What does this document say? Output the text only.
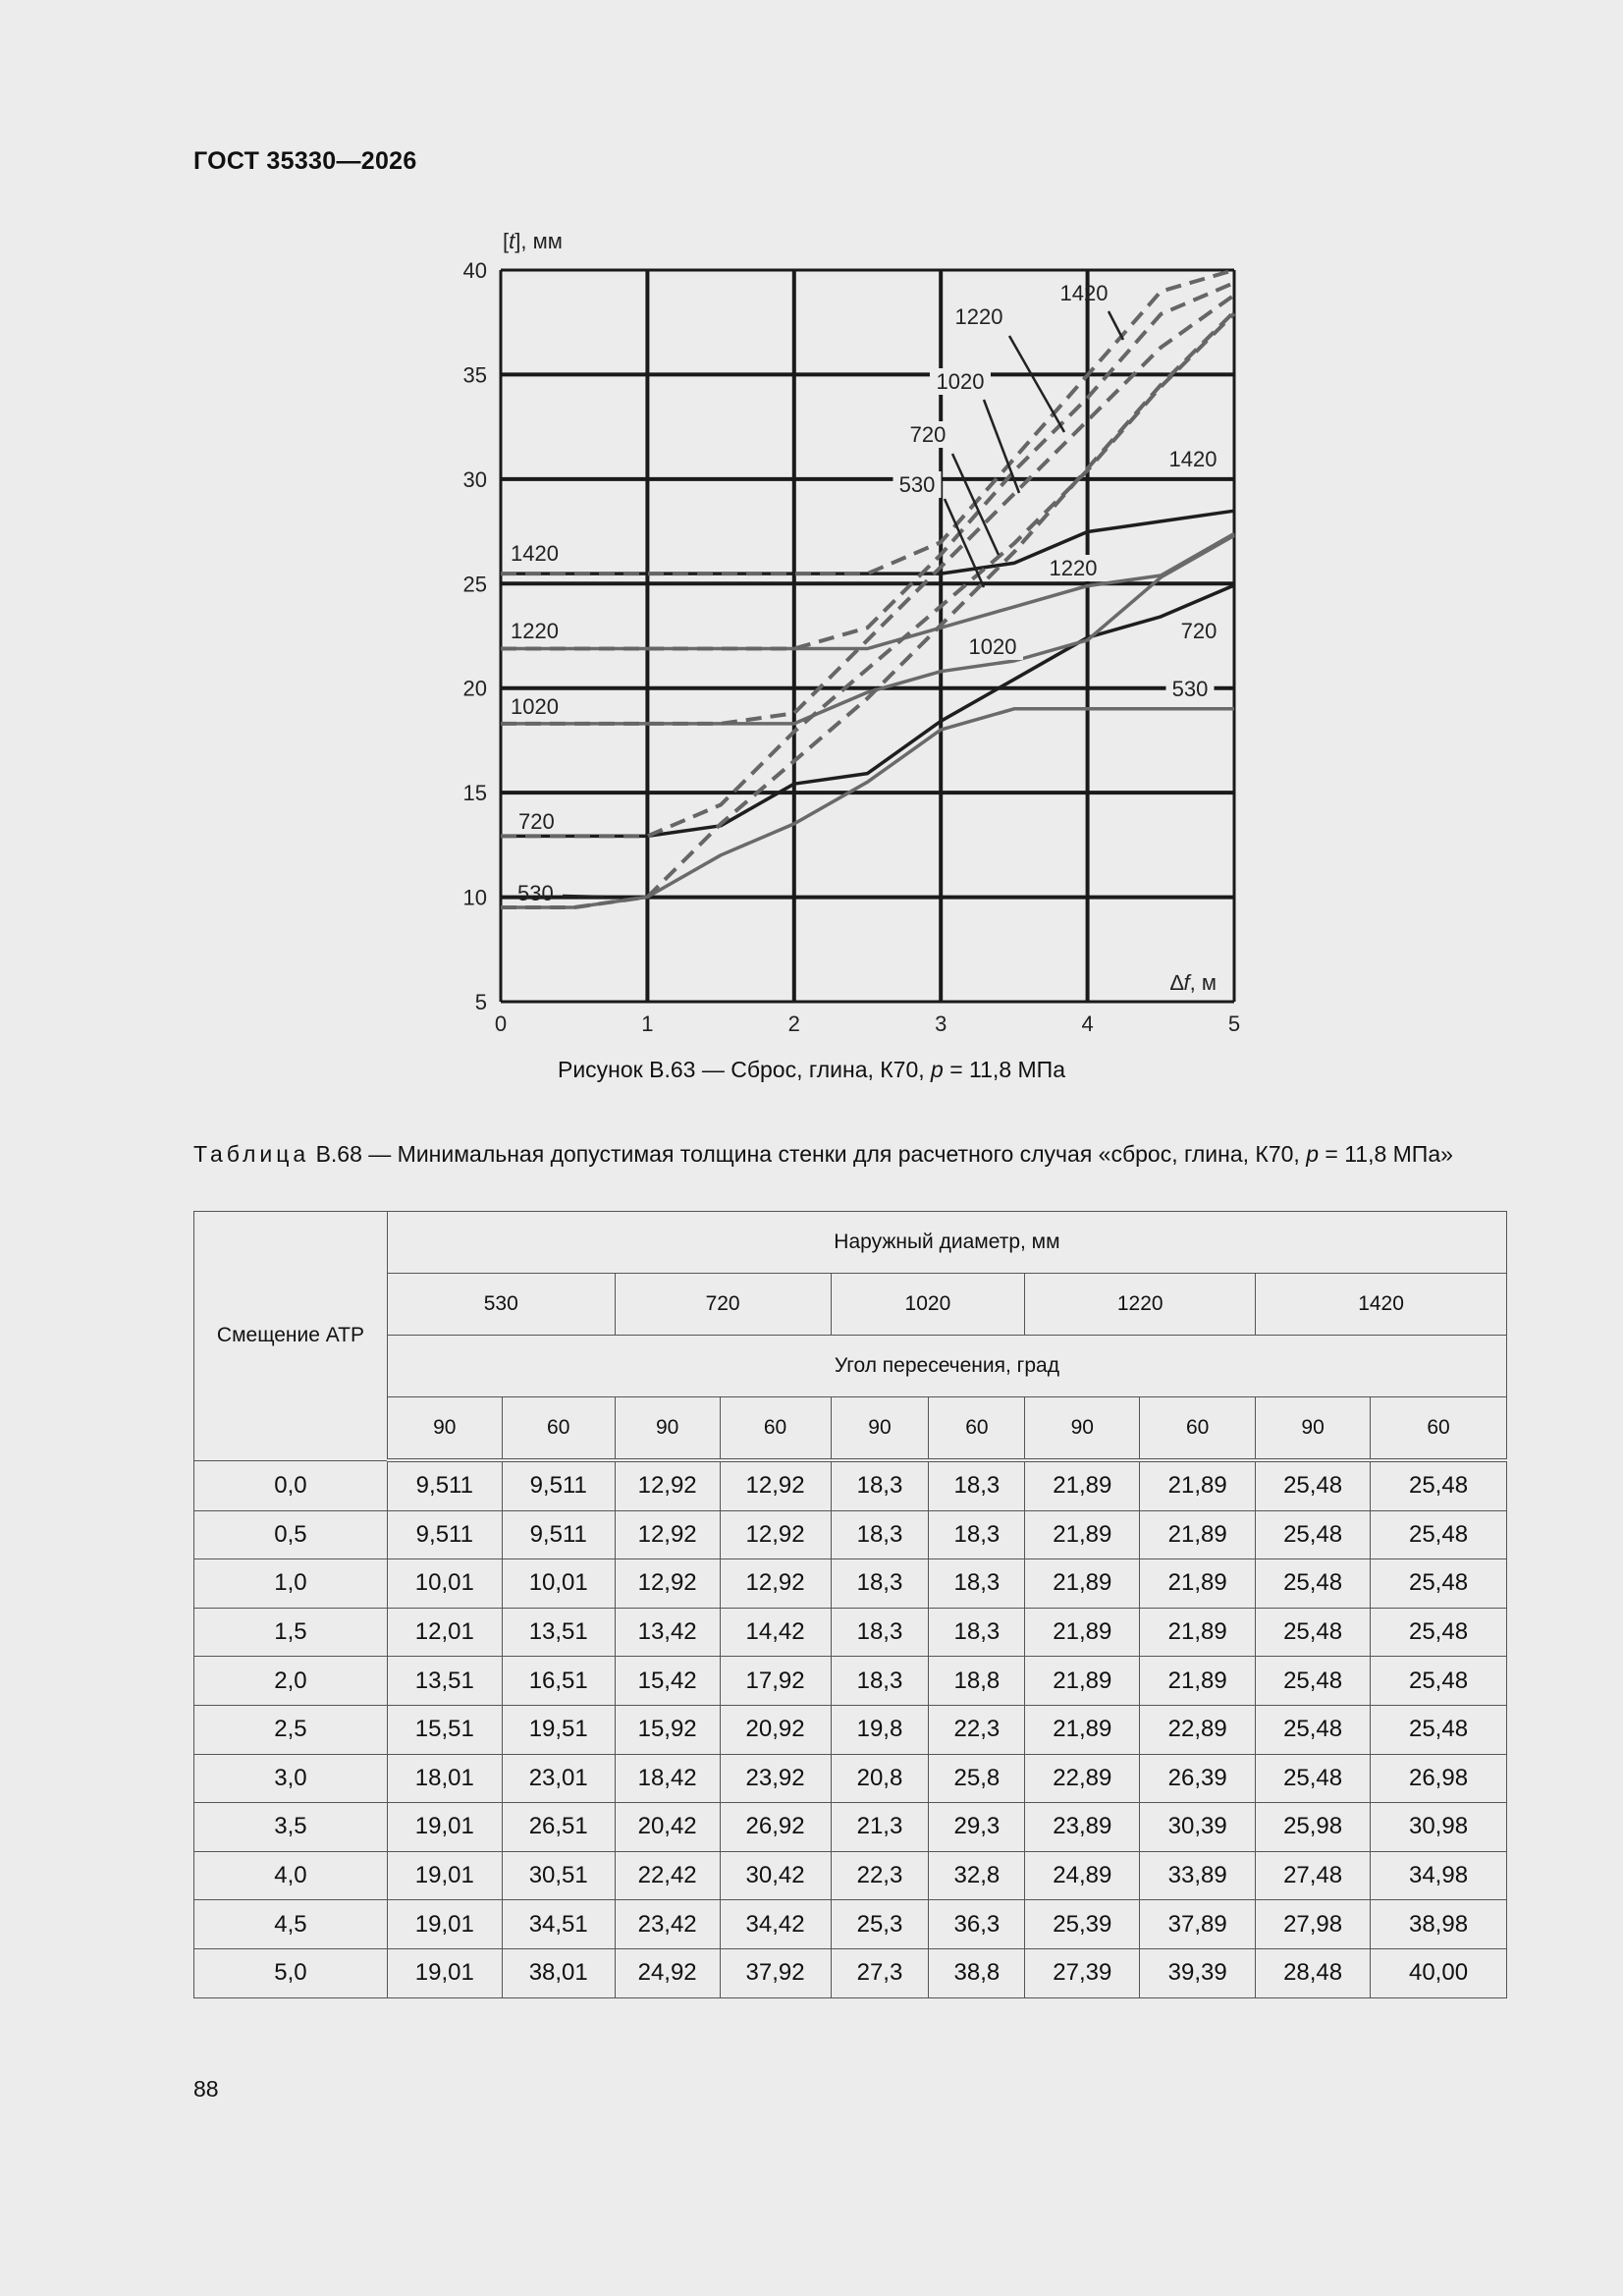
ГОСТ 35330—2026
0	1	2	3	4	5
5
10
15
20
25
30
35
40
530
720
1020
1220
1420
530
720
1020
1220
1420
530
720
1020
1220
1420
[t], мм
∆f, м
Рисунок В.63 — Сброс, глина, К70, p = 11,8 МПа
Таблица В.68 — Минимальная допустимая толщина стенки для расчетного случая «сброс, глина, К70, p = 11,8 МПа»
Смещение АТР	Наружный диаметр, мм									
	530		720		1020		1220		1420	
	Угол пересечения, град									
	90	60	90	60	90	60	90	60	90	60
0,0	9,511	9,511	12,92	12,92	18,3	18,3	21,89	21,89	25,48	25,48
0,5	9,511	9,511	12,92	12,92	18,3	18,3	21,89	21,89	25,48	25,48
1,0	10,01	10,01	12,92	12,92	18,3	18,3	21,89	21,89	25,48	25,48
1,5	12,01	13,51	13,42	14,42	18,3	18,3	21,89	21,89	25,48	25,48
2,0	13,51	16,51	15,42	17,92	18,3	18,8	21,89	21,89	25,48	25,48
2,5	15,51	19,51	15,92	20,92	19,8	22,3	21,89	22,89	25,48	25,48
3,0	18,01	23,01	18,42	23,92	20,8	25,8	22,89	26,39	25,48	26,98
3,5	19,01	26,51	20,42	26,92	21,3	29,3	23,89	30,39	25,98	30,98
4,0	19,01	30,51	22,42	30,42	22,3	32,8	24,89	33,89	27,48	34,98
4,5	19,01	34,51	23,42	34,42	25,3	36,3	25,39	37,89	27,98	38,98
5,0	19,01	38,01	24,92	37,92	27,3	38,8	27,39	39,39	28,48	40,00
88
